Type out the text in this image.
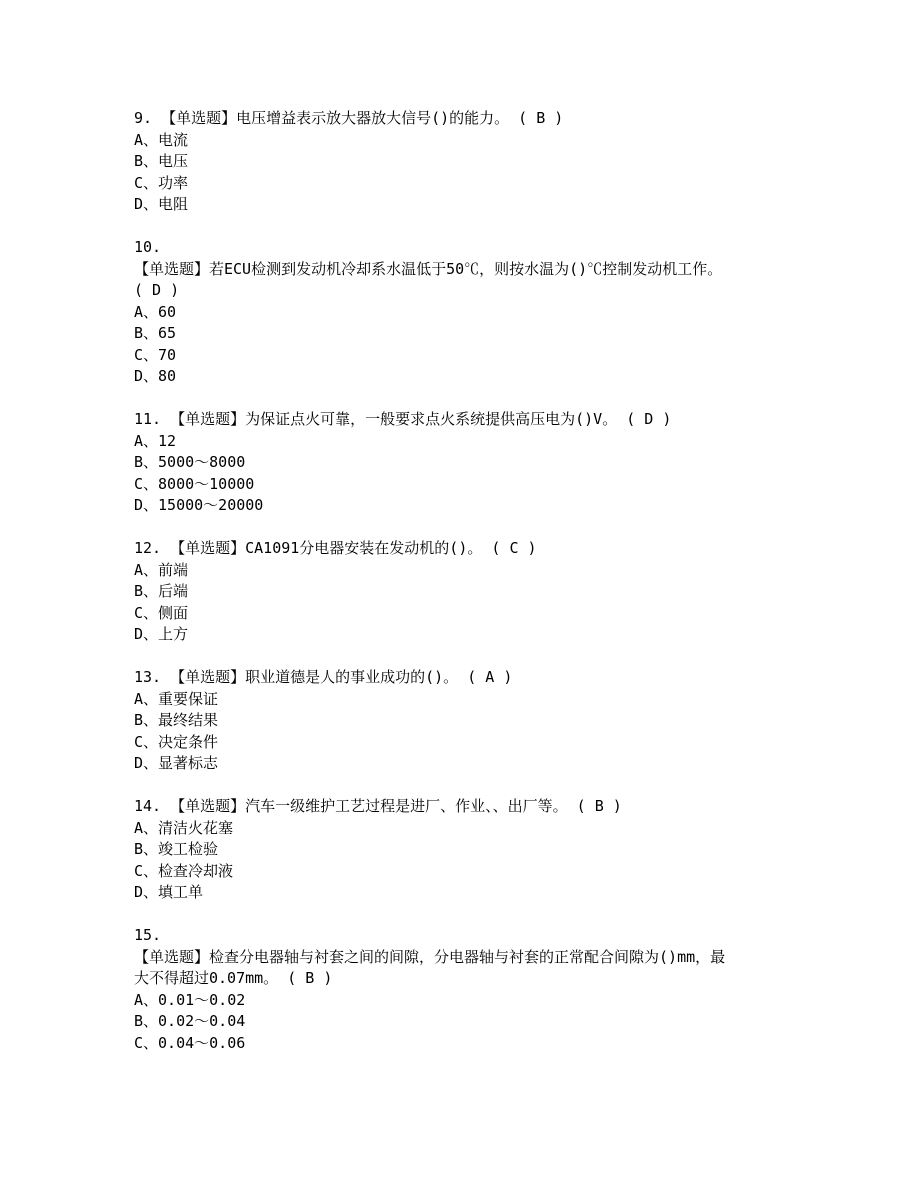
9. 【单选题】电压增益表示放大器放大信号()的能力。 ( B )
A、电流
B、电压
C、功率
D、电阻
10.
【单选题】若ECU检测到发动机冷却系水温低于50℃，则按水温为()℃控制发动机工作。
( D )
A、60
B、65
C、70
D、80
11. 【单选题】为保证点火可靠，一般要求点火系统提供高压电为()V。 ( D )
A、12
B、5000～8000
C、8000～10000
D、15000～20000
12. 【单选题】CA1091分电器安装在发动机的()。 ( C )
A、前端
B、后端
C、侧面
D、上方
13. 【单选题】职业道德是人的事业成功的()。 ( A )
A、重要保证
B、最终结果
C、决定条件
D、显著标志
14. 【单选题】汽车一级维护工艺过程是进厂、作业、、出厂等。 ( B )
A、清洁火花塞
B、竣工检验
C、检查冷却液
D、填工单
15.
【单选题】检查分电器轴与衬套之间的间隙，分电器轴与衬套的正常配合间隙为()mm，最
大不得超过0.07mm。 ( B )
A、0.01～0.02
B、0.02～0.04
C、0.04～0.06
